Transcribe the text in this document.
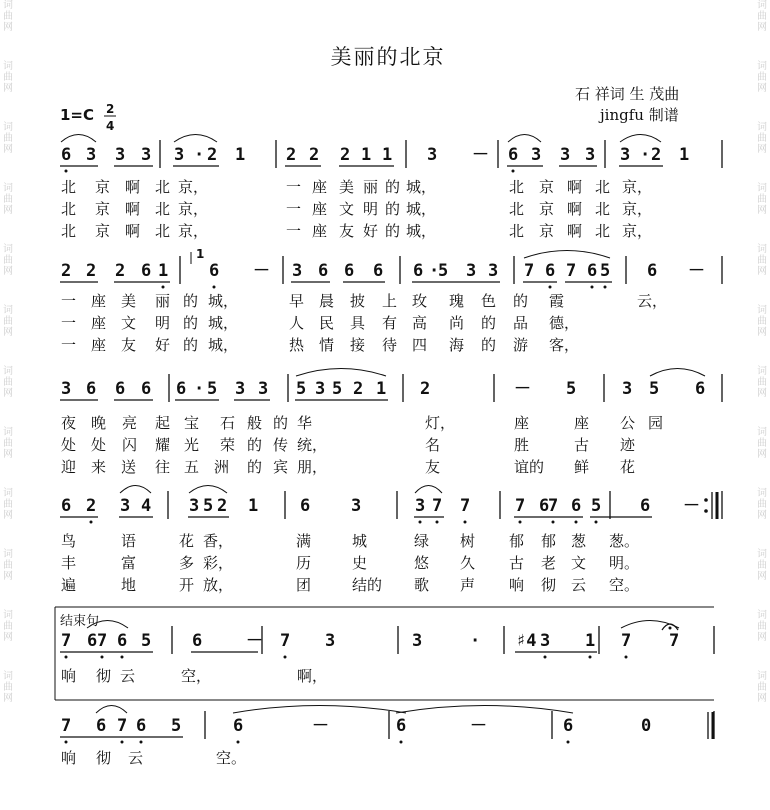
词
曲
网
词
曲
网
词
曲
网
词
曲
网
词
曲
网
词
曲
网
词
曲
网
词
曲
网
词
曲
网
词
曲
网
词
曲
网
词
曲
网
词
曲
网
词
曲
网
词
曲
网
词
曲
网
词
曲
网
词
曲
网
词
曲
网
词
曲
网
词
曲
网
词
曲
网
词
曲
网
词
曲
网
美丽的北京
石 祥词 生 茂曲
jingfu 制谱
1=C 2
4
1
结束句
6 3 3 3 3 · 2 1 2 2 2 1 1 3 － 6 3 3 3 3 · 2 1
北 京 啊 北 京，	一 座 美 丽 的 城，	北 京 啊 北 京，
北 京 啊 北 京，	一 座 文 明 的 城，	北 京 啊 北 京，
北 京 啊 北 京，	一 座 友 好 的 城，	北 京 啊 北 京，
2 2 2 6 1 6 － 3 6 6 6 6 ·
5 3 3 7 6 7 6 5 6 －
一 座 美 丽 的 城，	早 晨 披 上 玫 瑰 色 的 霞	云，
一 座 文 明 的 城，	人 民 具 有 高 尚 的 品 德，
一 座 友 好 的 城，	热 情 接 待 四 海 的 游 客，
3 6 6 6 6 · 5 3 3 5 3 5 2 1 2	－ 5	3 5 6
夜 晚 亮 起 宝 石 般 的 华	灯，	座	座 公 园
处 处 闪 耀 光 荣 的 传 统，	名	胜	古 迹
迎 来 送 往 五 洲 的 宾 朋，	友	谊的 鲜 花
6 2 3 4 3 5 2 1 6 3	3 7 7	7 6
7 6 5 6 －
鸟	语	花 香，	满	城	绿 树 郁 郁 葱 葱。
丰	富	多 彩，	历	史	悠 久 古 老 文 明。
遍	地	开 放，	团	结的 歌 声 响 彻 云 空。
7 6 7 6 5 6	－ 7 3	3	· ♯4 3 1 7 7
响 彻 云	空，	啊，
7 6 7 6 5	6	－	6	－	6	0
响 彻 云	空。
